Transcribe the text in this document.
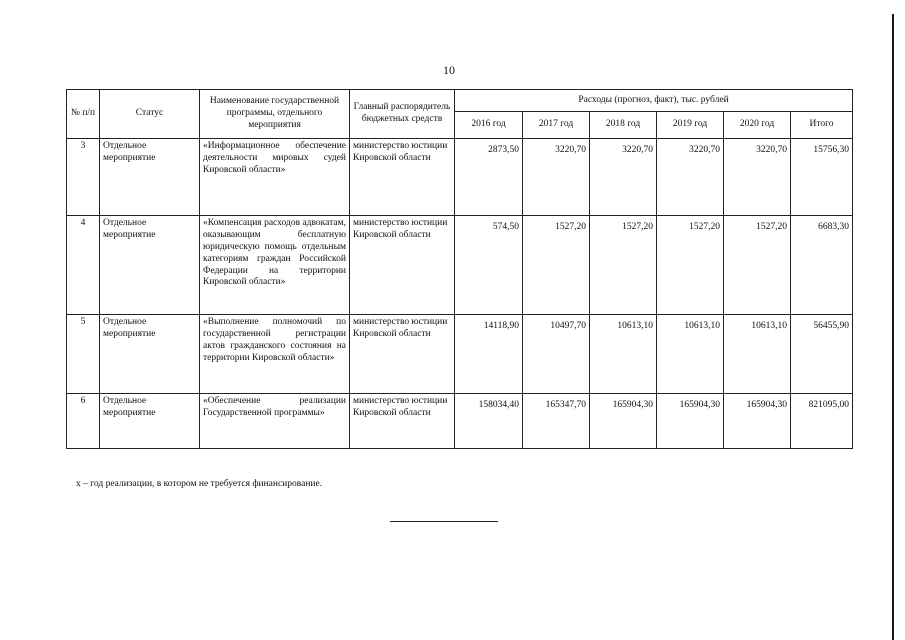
10
№ п/п	Статус	Наименование государственной программы, отдельного мероприятия	Главный распорядитель бюджетных средств	Расходы (прогноз, факт), тыс. рублей					
				2016 год	2017 год	2018 год	2019 год	2020 год	Итого
3	Отдельное мероприятие	«Информационное обеспечение деятельности мировых судей Кировской области»	министерство юстиции Кировской области	2873,50	3220,70	3220,70	3220,70	3220,70	15756,30
4	Отдельное мероприятие	«Компенсация расходов адвокатам, оказывающим бесплатную юридическую помощь отдельным категориям граждан Российской Федерации на территории Кировской области»	министерство юстиции Кировской области	574,50	1527,20	1527,20	1527,20	1527,20	6683,30
5	Отдельное мероприятие	«Выполнение полномочий по государственной регистрации актов гражданского состояния на территории Кировской области»	министерство юстиции Кировской области	14118,90	10497,70	10613,10	10613,10	10613,10	56455,90
6	Отдельное мероприятие	«Обеспечение реализации Государственной программы»	министерство юстиции Кировской области	158034,40	165347,70	165904,30	165904,30	165904,30	821095,00
х – год реализации, в котором не требуется финансирование.
